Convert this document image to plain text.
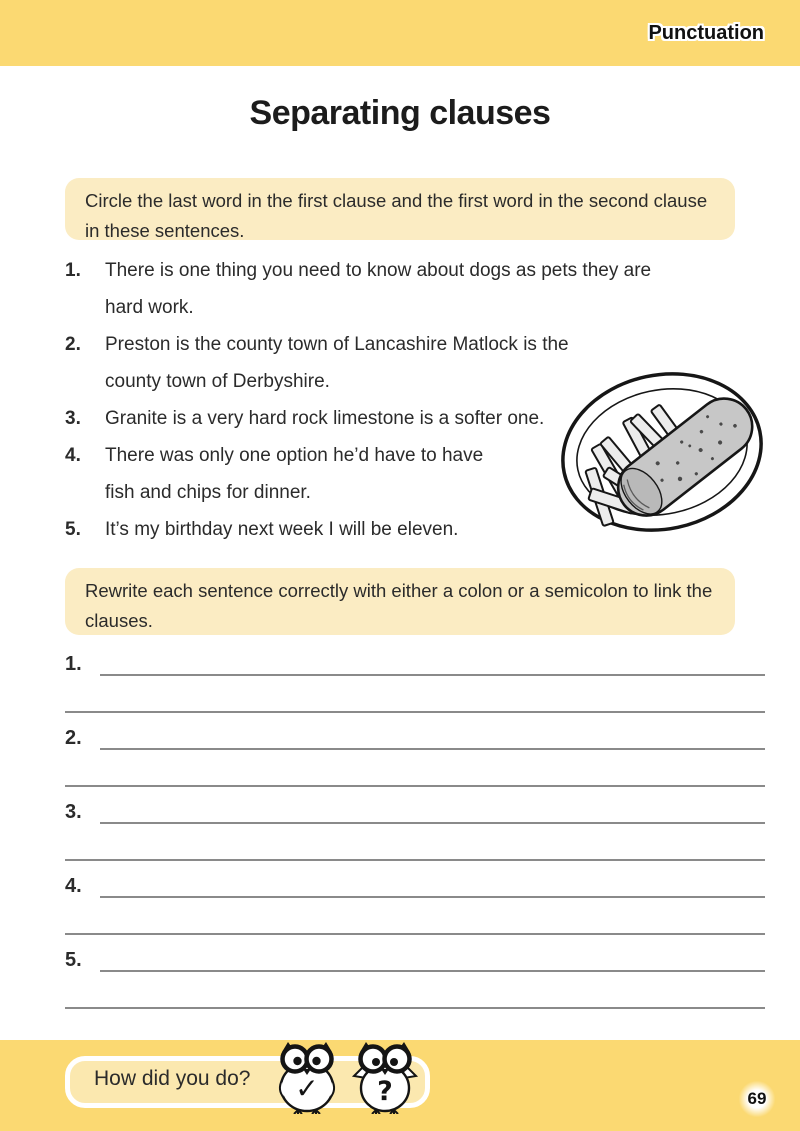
Punctuation
Separating clauses
Circle the last word in the first clause and the first word in the second clause in these sentences.
1.	There is one thing you need to know about dogs as pets they are
hard work.
2.	Preston is the county town of Lancashire Matlock is the
county town of Derbyshire.
3.	Granite is a very hard rock limestone is a softer one.
4.	There was only one option he’d have to have
fish and chips for dinner.
5.	It’s my birthday next week I will be eleven.
Rewrite each sentence correctly with either a colon or a semicolon to link the clauses.
1.
2.
3.
4.
5.
How did you do? ✓ ?	69
